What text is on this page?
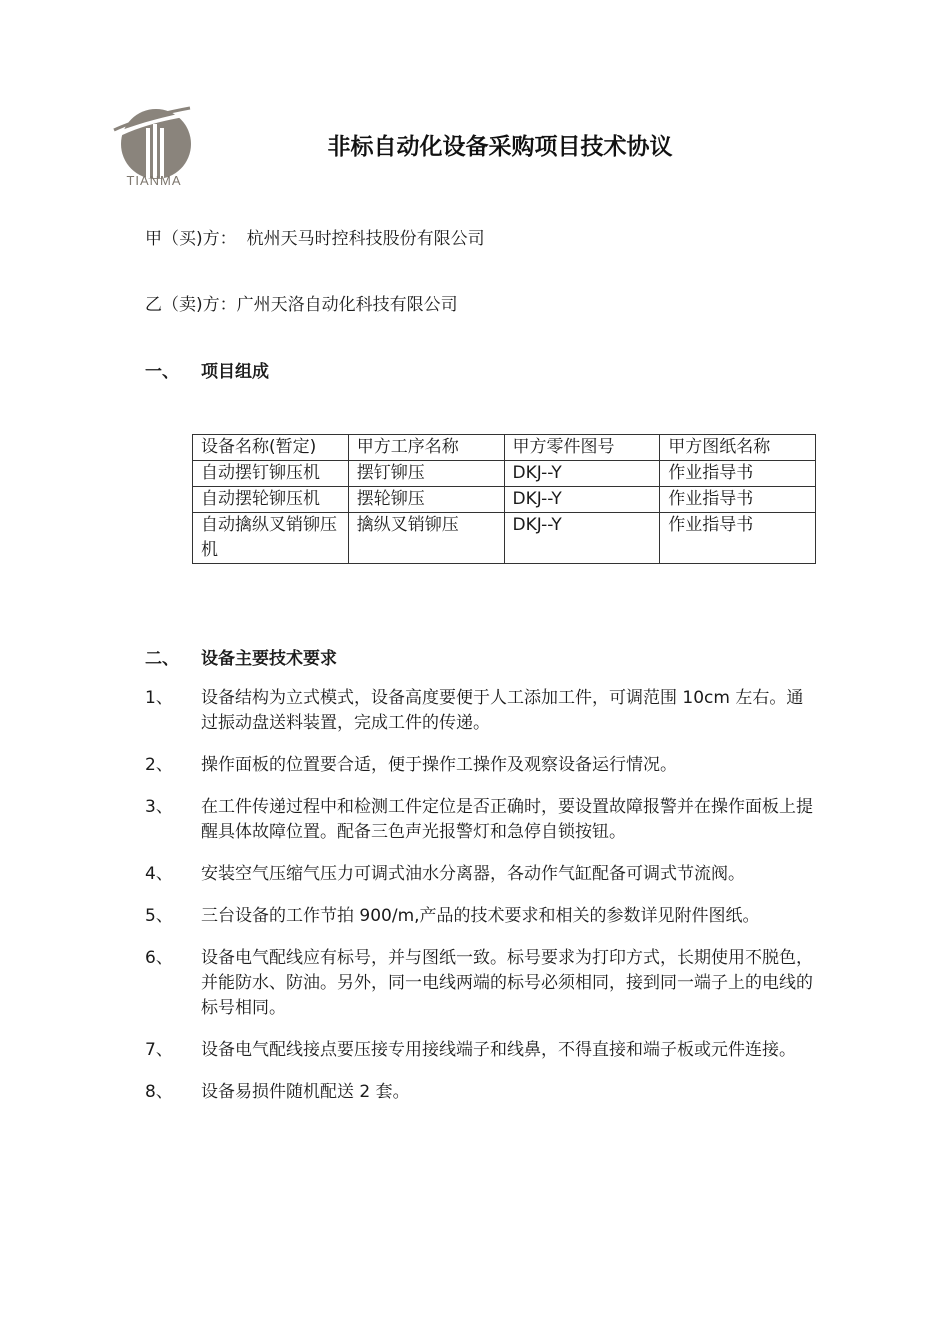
TIANMA
非标自动化设备采购项目技术协议
甲（买)方： 杭州天马时控科技股份有限公司
乙（卖)方：广州天洛自动化科技有限公司
一、 项目组成
设备名称(暂定)	甲方工序名称	甲方零件图号	甲方图纸名称
自动摆钉铆压机	摆钉铆压	DKJ--Y	作业指导书
自动摆轮铆压机	摆轮铆压	DKJ--Y	作业指导书
自动擒纵叉销铆压机	擒纵叉销铆压	DKJ--Y	作业指导书
二、 设备主要技术要求
1、	设备结构为立式模式，设备高度要便于人工添加工件，可调范围 10cm 左右。通过振动盘送料装置，完成工件的传递。
2、	操作面板的位置要合适，便于操作工操作及观察设备运行情况。
3、	在工件传递过程中和检测工件定位是否正确时，要设置故障报警并在操作面板上提醒具体故障位置。配备三色声光报警灯和急停自锁按钮。
4、	安装空气压缩气压力可调式油水分离器，各动作气缸配备可调式节流阀。
5、	三台设备的工作节拍 900/m,产品的技术要求和相关的参数详见附件图纸。
6、	设备电气配线应有标号，并与图纸一致。标号要求为打印方式，长期使用不脱色，并能防水、防油。另外，同一电线两端的标号必须相同，接到同一端子上的电线的标号相同。
7、	设备电气配线接点要压接专用接线端子和线鼻，不得直接和端子板或元件连接。
8、	设备易损件随机配送 2 套。
